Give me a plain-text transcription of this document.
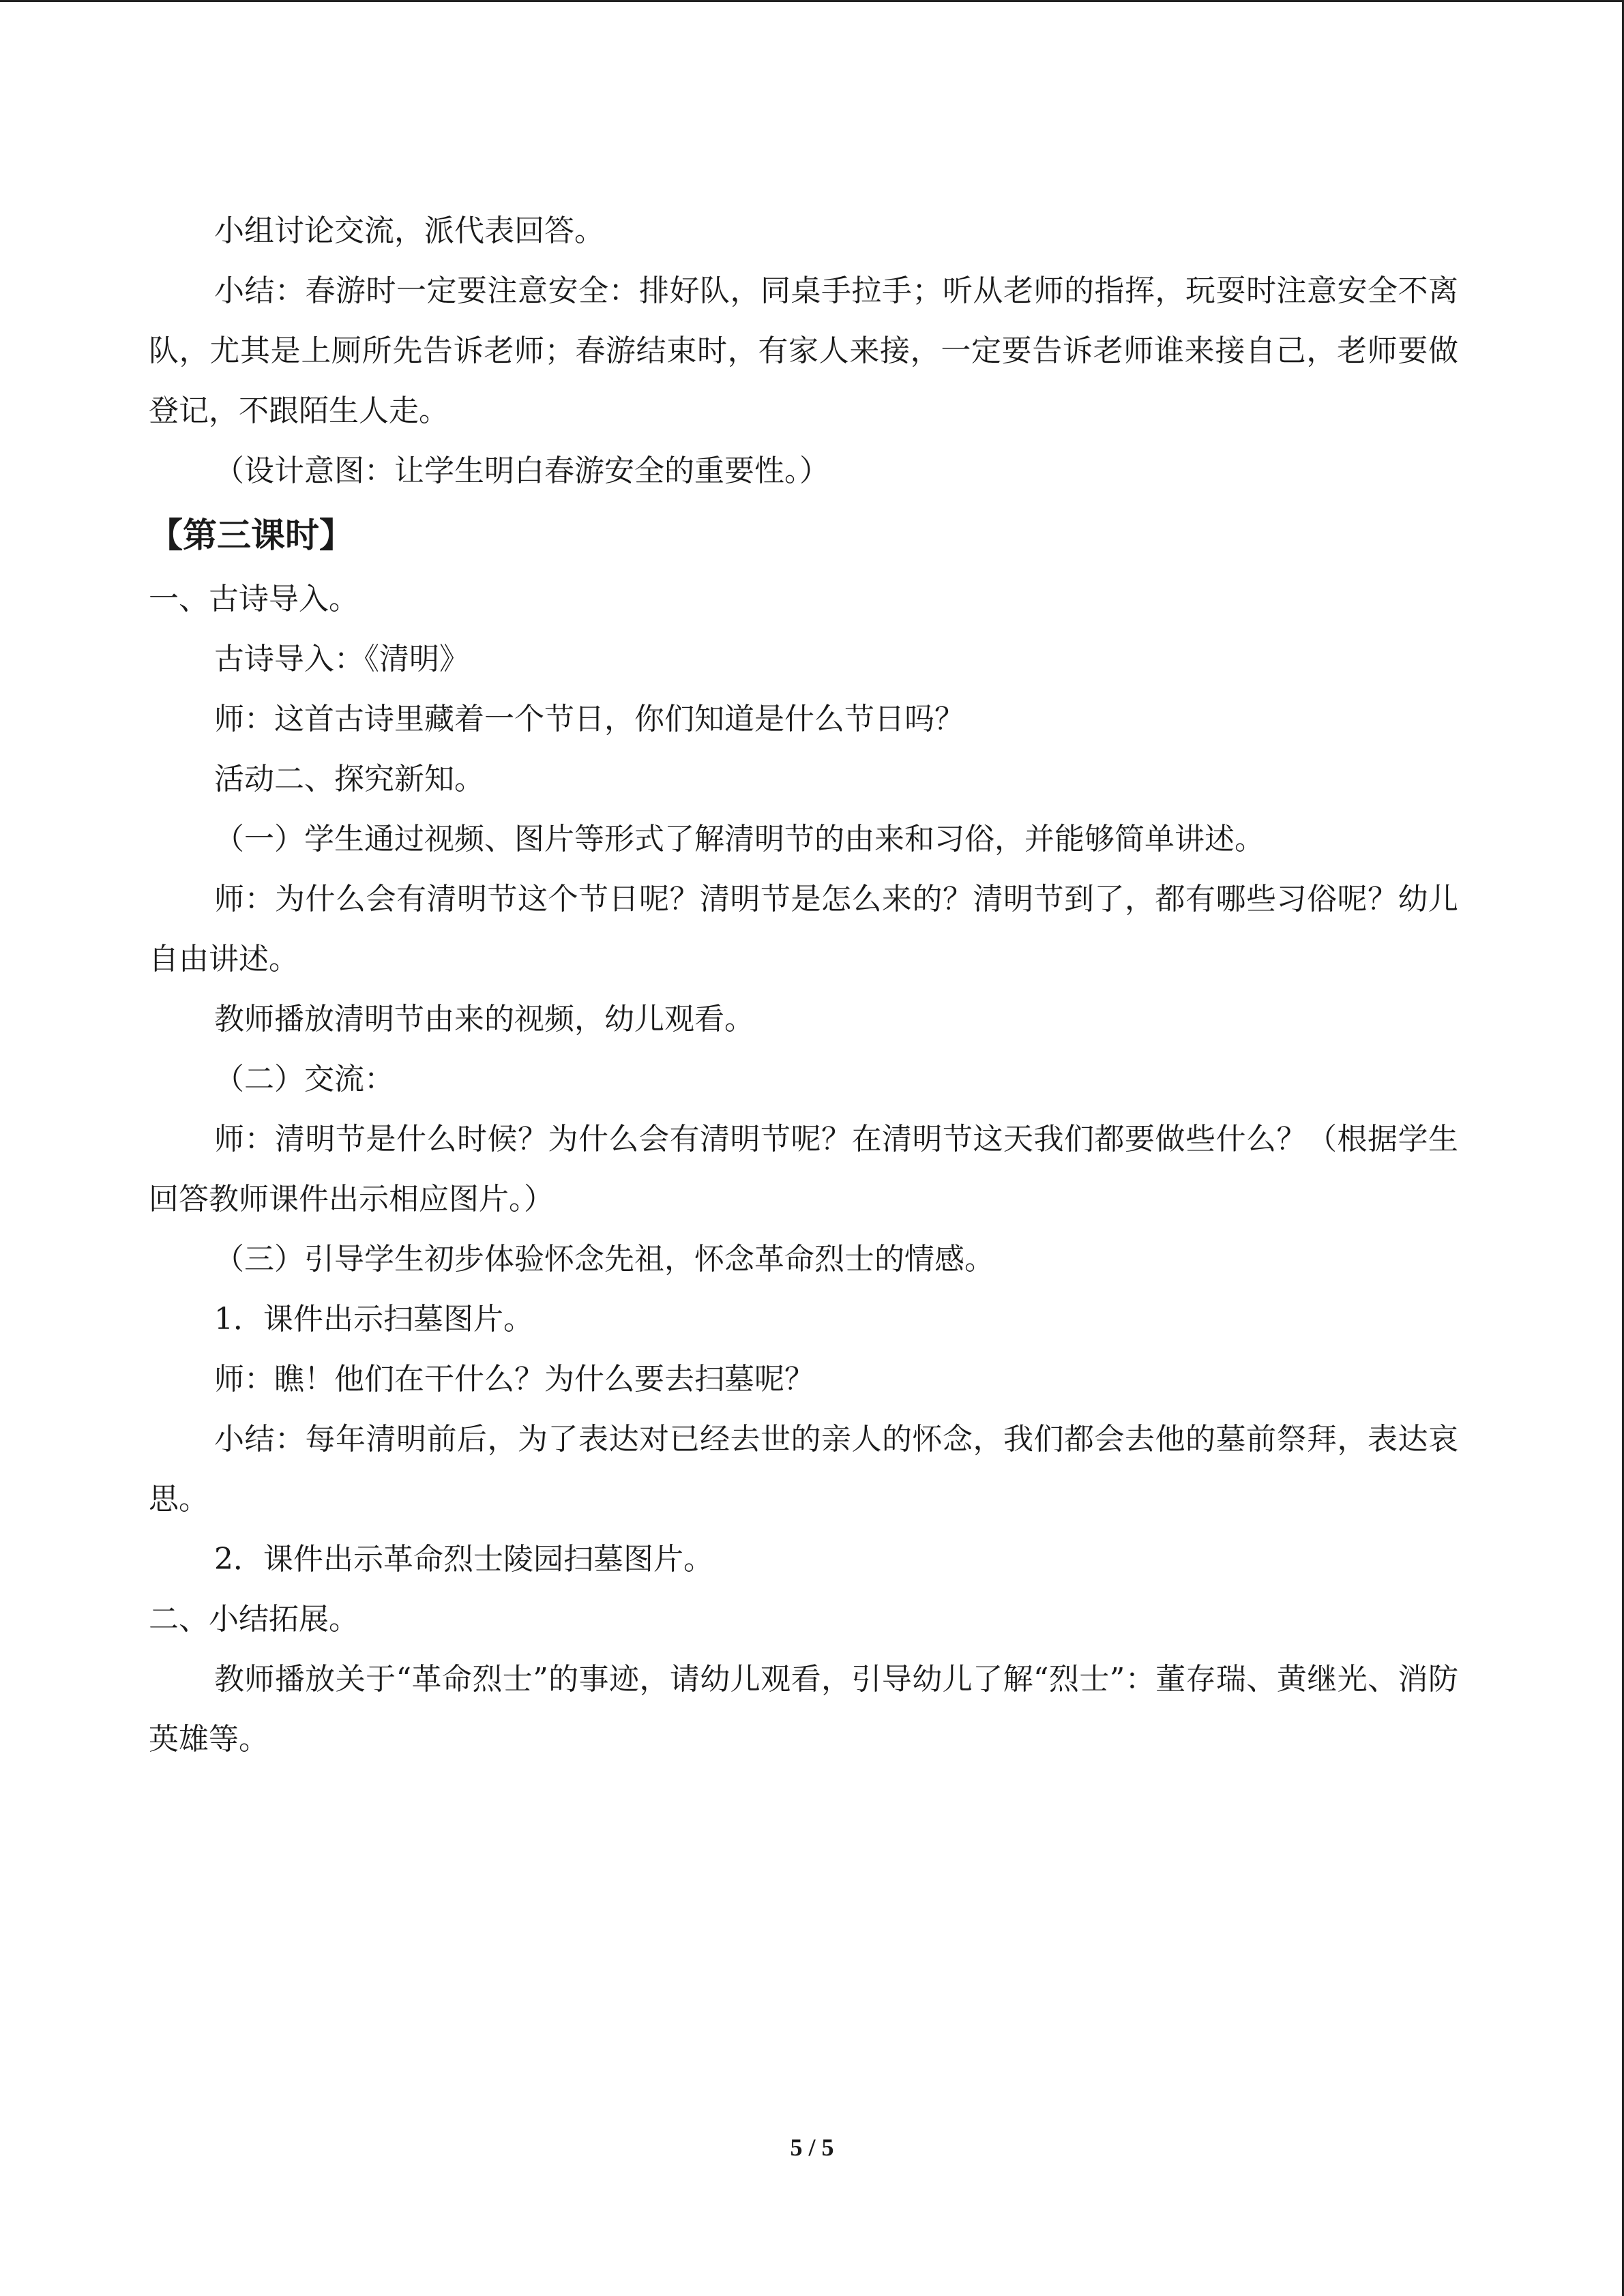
小组讨论交流，派代表回答。

小结：春游时一定要注意安全：排好队，同桌手拉手；听从老师的指挥，玩耍时注意安全不离队，尤其是上厕所先告诉老师；春游结束时，有家人来接，一定要告诉老师谁来接自己，老师要做登记，不跟陌生人走。

（设计意图：让学生明白春游安全的重要性。）

【第三课时】

一、古诗导入。

古诗导入：《清明》

师：这首古诗里藏着一个节日，你们知道是什么节日吗？

活动二、探究新知。

（一）学生通过视频、图片等形式了解清明节的由来和习俗，并能够简单讲述。

师：为什么会有清明节这个节日呢？清明节是怎么来的？清明节到了，都有哪些习俗呢？幼儿自由讲述。

教师播放清明节由来的视频，幼儿观看。

（二）交流：

师：清明节是什么时候？为什么会有清明节呢？在清明节这天我们都要做些什么？（根据学生回答教师课件出示相应图片。）

（三）引导学生初步体验怀念先祖，怀念革命烈士的情感。

1．课件出示扫墓图片。

师：瞧！他们在干什么？为什么要去扫墓呢？

小结：每年清明前后，为了表达对已经去世的亲人的怀念，我们都会去他的墓前祭拜，表达哀思。

2．课件出示革命烈士陵园扫墓图片。

二、小结拓展。

教师播放关于“革命烈士”的事迹，请幼儿观看，引导幼儿了解“烈士”：董存瑞、黄继光、消防英雄等。

5 / 5
